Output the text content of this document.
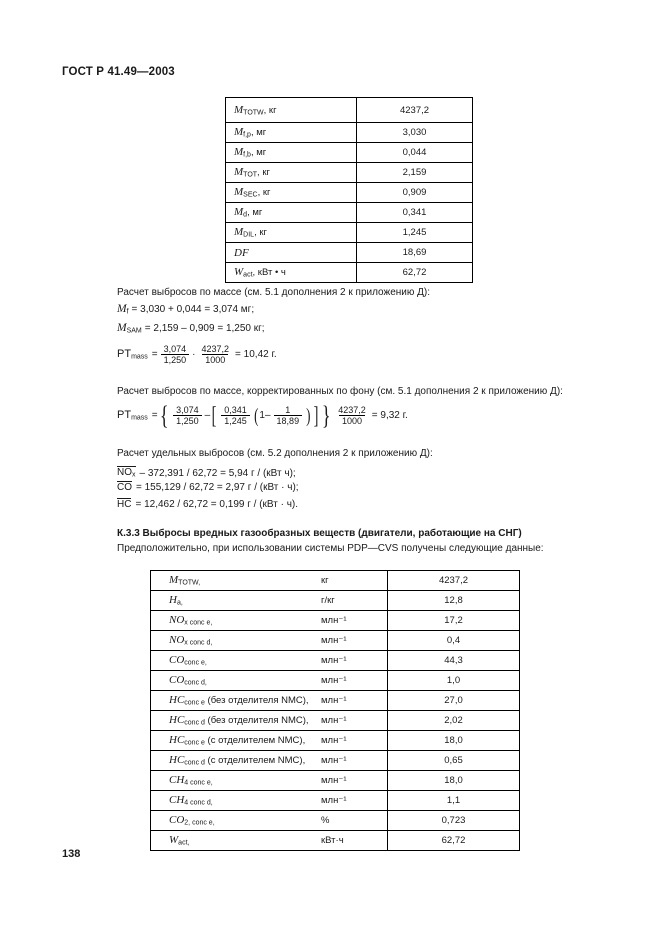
ГОСТ Р 41.49—2003
$M_{TOTW}$, кг	4237,2
$M_{f,p}$, мг	3,030
$M_{f,b}$, мг	0,044
$M_{TOT}$, кг	2,159
$M_{SEC}$, кг	0,909
$M_d$, мг	0,341
$M_{DIL}$, кг	1,245
DF	18,69
$W_{act}$, кВт • ч	62,72
Расчет выбросов по массе (см. 5.1 дополнения 2 к приложению Д):
$M_f = 3,030 + 0,044 = 3,074$ мг;
$M_{SAM} = 2,159 - 0,909 = 1,250$ кг;
$PT_{mass} = \frac{3,074}{1,250} \cdot \frac{4237,2}{1000} = 10,42$ г.
Расчет выбросов по массе, корректированных по фону (см. 5.1 дополнения 2 к приложению Д):
$PT_{mass}$ = { $\frac{3,074}{1,250}$ – [ $\frac{0,341}{1,245}$ ( $1- \frac{1}{18,89}$ ) ] } $\frac{4237,2}{1000} = 9,32$ г.
Расчет удельных выбросов (см. 5.2 дополнения 2 к приложению Д):
$NO_x - 372,391 / 62,72 = 5,94$ г / (кВт ч);
CO = 155,129 / 62,72 = 2,97 г / (кВт · ч);
HC = 12,462 / 62,72 = 0,199 г / (кВт · ч).
К.3.3 Выбросы вредных газообразных веществ (двигатели, работающие на СНГ)
Предположительно, при использовании системы PDP—CVS получены следующие данные:
$M_{TOTW,}$	кг	4237,2
$H_{a,}$	г/кг	12,8
$NO_{x conc e,}$	млн⁻¹	17,2
$NO_{x conc d,}$	млн⁻¹	0,4
$CO_{conc e,}$	млн⁻¹	44,3
$CO_{conc d,}$	млн⁻¹	1,0
$HC_{conc e}$ (без отделителя NMC),	млн⁻¹	27,0
$HC_{conc d}$ (без отделителя NMC),	млн⁻¹	2,02
$HC_{conc e}$ (с отделителем NMC),	млн⁻¹	18,0
$HC_{conc d}$ (с отделителем NMC),	млн⁻¹	0,65
$CH_{4 conc e,}$	млн⁻¹	18,0
$CH_{4 conc d,}$	млн⁻¹	1,1
$CO_{2, conc e,}$	%	0,723
$W_{act,}$	кВт·ч	62,72
138
